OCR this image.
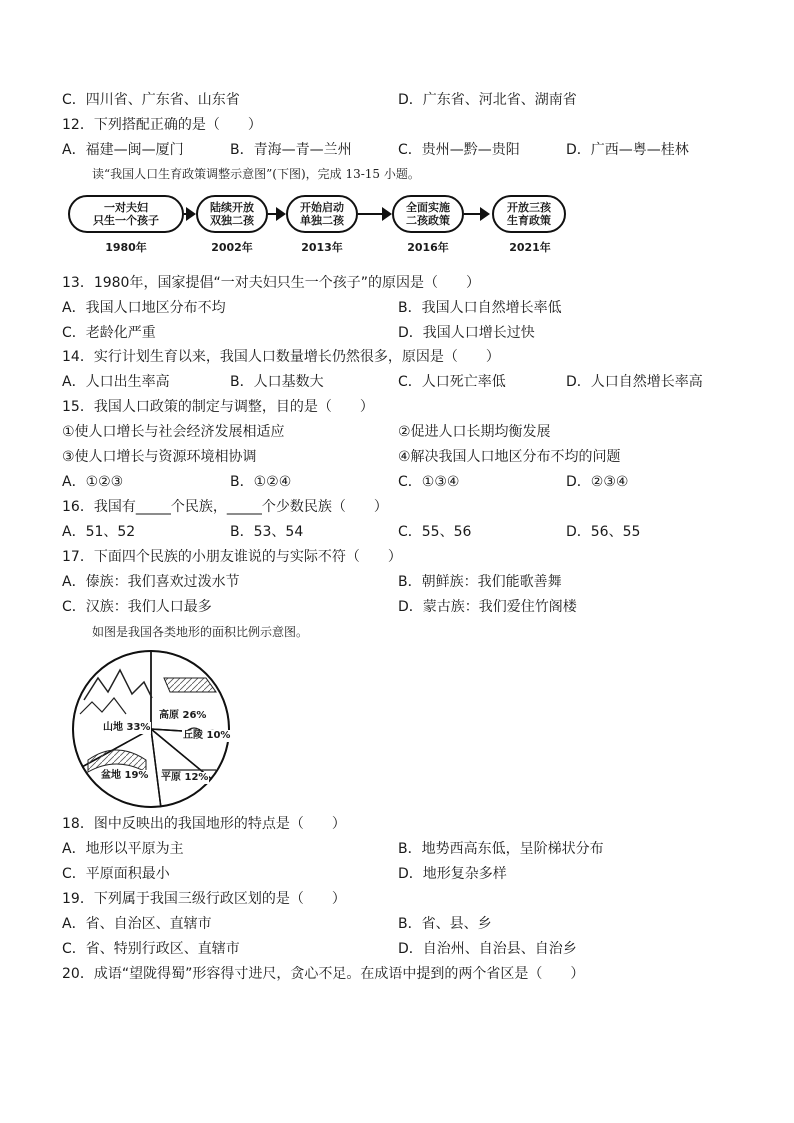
C．四川省、广东省、山东省	D．广东省、河北省、湖南省
12．下列搭配正确的是（　　）
A．福建—闽—厦门	B．青海—青—兰州	C．贵州—黔—贵阳	D．广西—粤—桂林
读“我国人口生育政策调整示意图”(下图)，完成 13-15 小题。
一对夫妇
只生一个孩子
1980年
陆续开放
双独二孩
2002年
开始启动
单独二孩
2013年
全面实施
二孩政策
2016年
开放三孩
生育政策
2021年
13．1980年，国家提倡“一对夫妇只生一个孩子”的原因是（　　）
A．我国人口地区分布不均	B．我国人口自然增长率低
C．老龄化严重	D．我国人口增长过快
14．实行计划生育以来，我国人口数量增长仍然很多，原因是（　　）
A．人口出生率高	B．人口基数大	C．人口死亡率低	D．人口自然增长率高
15．我国人口政策的制定与调整，目的是（　　）
①使人口增长与社会经济发展相适应	②促进人口长期均衡发展
③使人口增长与资源环境相协调	④解决我国人口地区分布不均的问题
A．①②③	B．①②④	C．①③④	D．②③④
16．我国有_____个民族，_____个少数民族（　　）
A．51、52	B．53、54	C．55、56	D．56、55
17．下面四个民族的小朋友谁说的与实际不符（　　）
A．傣族：我们喜欢过泼水节	B．朝鲜族：我们能歌善舞
C．汉族：我们人口最多	D．蒙古族：我们爱住竹阁楼
如图是我国各类地形的面积比例示意图。
山地 33%
高原 26%
丘陵 10%
平原 12%
盆地 19%
18．图中反映出的我国地形的特点是（　　）
A．地形以平原为主	B．地势西高东低，呈阶梯状分布
C．平原面积最小	D．地形复杂多样
19．下列属于我国三级行政区划的是（　　）
A．省、自治区、直辖市	B．省、县、乡
C．省、特别行政区、直辖市	D．自治州、自治县、自治乡
20．成语“望陇得蜀”形容得寸进尺，贪心不足。在成语中提到的两个省区是（　　）
